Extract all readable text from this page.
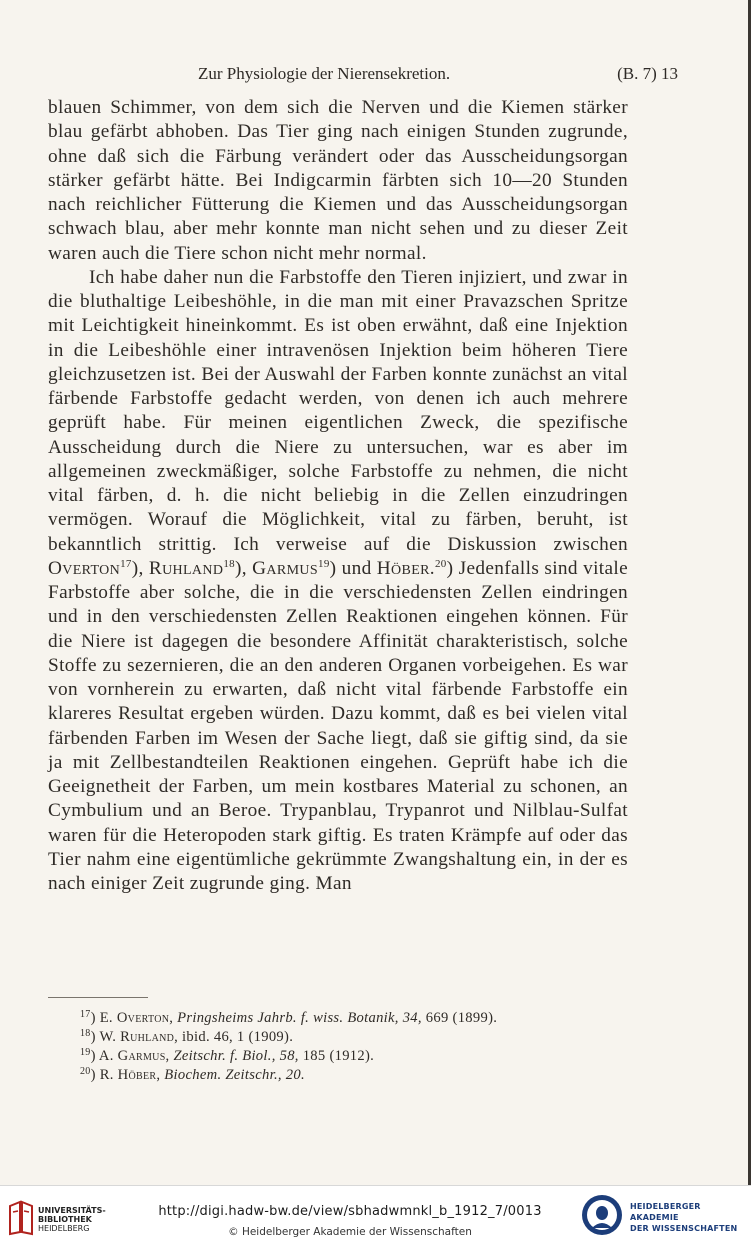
Zur Physiologie der Nierensekretion.	(B. 7) 13

blauen Schimmer, von dem sich die Nerven und die Kiemen stärker blau gefärbt abhoben. Das Tier ging nach einigen Stunden zugrunde, ohne daß sich die Färbung verändert oder das Ausscheidungsorgan stärker gefärbt hätte. Bei Indigcarmin färbten sich 10—20 Stunden nach reichlicher Fütterung die Kiemen und das Ausscheidungsorgan schwach blau, aber mehr konnte man nicht sehen und zu dieser Zeit waren auch die Tiere schon nicht mehr normal.

Ich habe daher nun die Farbstoffe den Tieren injiziert, und zwar in die bluthaltige Leibeshöhle, in die man mit einer Pravazschen Spritze mit Leichtigkeit hineinkommt. Es ist oben erwähnt, daß eine Injektion in die Leibeshöhle einer intravenösen Injektion beim höheren Tiere gleichzusetzen ist. Bei der Auswahl der Farben konnte zunächst an vital färbende Farbstoffe gedacht werden, von denen ich auch mehrere geprüft habe. Für meinen eigentlichen Zweck, die spezifische Ausscheidung durch die Niere zu untersuchen, war es aber im allgemeinen zweckmäßiger, solche Farbstoffe zu nehmen, die nicht vital färben, d. h. die nicht beliebig in die Zellen einzudringen vermögen. Worauf die Möglichkeit, vital zu färben, beruht, ist bekanntlich strittig. Ich verweise auf die Diskussion zwischen Overton$^{17}$), Ruhland$^{18}$), Garmus$^{19}$) und Höber.$^{20}$) Jedenfalls sind vitale Farbstoffe aber solche, die in die verschiedensten Zellen eindringen und in den verschiedensten Zellen Reaktionen eingehen können. Für die Niere ist dagegen die besondere Affinität charakteristisch, solche Stoffe zu sezernieren, die an den anderen Organen vorbeigehen. Es war von vornherein zu erwarten, daß nicht vital färbende Farbstoffe ein klareres Resultat ergeben würden. Dazu kommt, daß es bei vielen vital färbenden Farben im Wesen der Sache liegt, daß sie giftig sind, da sie ja mit Zellbestandteilen Reaktionen eingehen. Geprüft habe ich die Geeignetheit der Farben, um mein kostbares Material zu schonen, an Cymbulium und an Beroe. Trypanblau, Trypanrot und Nilblau-Sulfat waren für die Heteropoden stark giftig. Es traten Krämpfe auf oder das Tier nahm eine eigentümliche gekrümmte Zwangshaltung ein, in der es nach einiger Zeit zugrunde ging. Man

$^{17}$) E. Overton, Pringsheims Jahrb. f. wiss. Botanik, 34, 669 (1899).
$^{18}$) W. Ruhland, ibid. 46, 1 (1909).
$^{19}$) A. Garmus, Zeitschr. f. Biol., 58, 185 (1912).
$^{20}$) R. Höber, Biochem. Zeitschr., 20.
UNIVERSITÄTS-
BIBLIOTHEK
HEIDELBERG
http://digi.hadw-bw.de/view/sbhadwmnkl_b_1912_7/0013
© Heidelberger Akademie der Wissenschaften
HEIDELBERGER AKADEMIE
DER WISSENSCHAFTEN
